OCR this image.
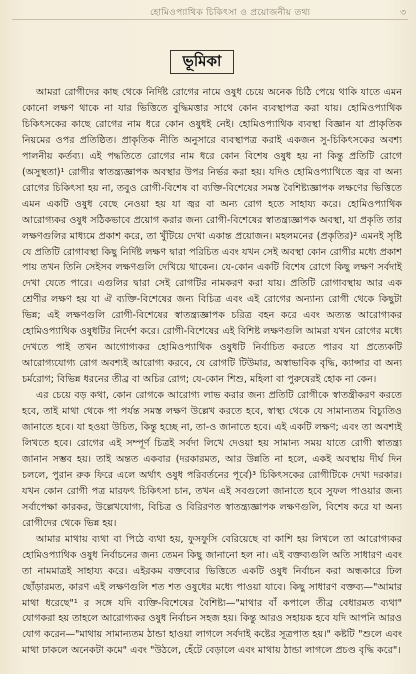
হোমিওপ্যাথিক চিকিৎসা ও প্রয়োজনীয় তথ্য	৩
ভূমিকা

আমরা রোগীদের কাছ থেকে নির্দিষ্ট রোগের নামে ওষুধ চেয়ে অনেক চিঠি পেয়ে থাকি যাতে এমন কোনো লক্ষণ থাকে না যার ভিত্তিতে বুদ্ধিমত্তার সাথে কোন ব্যবস্থাপত্র করা যায়। হোমিওপ্যাথিক চিকিৎসকের কাছে রোগের নাম ধরে কোন ওষুধই নেই। হোমিওপ্যাথিক ব্যবস্থা বিজ্ঞান যা প্রাকৃতিক নিয়মের ওপর প্রতিষ্ঠিত। প্রাকৃতিক নীতি অনুসারে ব্যবস্থাপত্র করাই একজন সু-চিকিৎসকের অবশ্য পালনীয় কর্তব্য। এই পদ্ধতিতে রোগের নাম ধরে কোন বিশেষ ওষুধ হয় না কিন্তু প্রতিটি রোগে (অসুস্থতা)¹ রোগীর স্বাতন্ত্র্যজ্ঞাপক অবস্থার উপর নির্ভর করা হয়। যদিও হোমিওপ্যাথিতে জ্বর বা অন্য রোগের চিকিৎসা হয় না, তবুও রোগী-বিশেষ বা ব্যক্তি-বিশেষের সমস্ত বৈশিষ্ট্যজ্ঞাপক লক্ষণের ভিত্তিতে এমন একটি ওষুধ বেছে নেওয়া হয় যা জ্বর বা অন্য রোগ হতে সাহায্য করে। হোমিওপ্যাথিক আরোগ্যকর ওষুধ সঠিকভাবে প্রয়োগ করার জন্য রোগী-বিশেষের স্বাতন্ত্র্যজ্ঞাপক অবস্থা, যা প্রকৃতি তার লক্ষণগুলির মাধ্যমে প্রকাশ করে, তা খুঁটিয়ে দেখা একান্ত প্রয়োজন। মহলমনের (প্রকৃতির)² এমনই সৃষ্টি যে প্রতিটি রোগাবস্থা কিছু নির্দিষ্ট লক্ষণ দ্বারা পরিচিত এবং যখন সেই অবস্থা কোন রোগীর মধ্যে প্রকাশ পায় তখন তিনি সেইসব লক্ষণগুলি দেখিয়ে থাকেন। যে-কোন একটি বিশেষ রোগে কিছু লক্ষণ সর্বদাই দেখা যেতে পারে। এগুলির দ্বারা সেই রোগটির নামকরণ করা যায়। প্রতিটি রোগাবস্থায় আর এক শ্রেণীর লক্ষণ হয় যা ঐ ব্যক্তি-বিশেষের জন্য বিচিত্র এবং এই রোগের অন্যান্য রোগী থেকে কিছুটা ভিন্ন; এই লক্ষণগুলি রোগী-বিশেষের স্বাতন্ত্র্যজ্ঞাপক চরিত্র বহন করে এবং অত্যন্ত আরোগ্যকর হোমিওপ্যাথিক ওষুধটির নির্দেশ করে। রোগী-বিশেষের এই বিশিষ্ট লক্ষণগুলি আমরা যখন রোগের মধ্যে দেখতে পাই তখন আগোগ্যকর হোমিওপ্যাথিক ওষুধটি নির্বাচিত করতে পারব যা প্রত্যেকটি আরোগ্যযোগ্য রোগ অবশ্যই আরোগ্য করবে, যে রোগটি টিউমার, অস্বাভাবিক বৃদ্ধি, ক্যান্সার বা অন্য চর্মরোগ; বিভিন্ন ধরনের তীব্র বা অচির রোগ; যে-কোন শিশু, মহিলা বা পুরুষেরই হোক না কেন।

এর চেয়ে বড় কথা, কোন রোগকে আরোগ্য লাভ করার জন্য প্রতিটি রোগীকে স্বাতন্ত্রীকরণ করতে হবে, তাই মাথা থেকে পা পর্যন্ত সমস্ত লক্ষণ উল্লেখ করতে হবে, স্বাস্থ্য থেকে যে সামান্যতম বিচ্যুতিও জানাতে হবে। যা হওয়া উচিত, কিন্তু হচ্ছে না, তা-ও জানাতে হবে। এই একটি লক্ষণ; এবং তা অবশ্যই লিখতে হবে। রোগের এই সম্পূর্ণ চিত্রই সর্বদা লিখে দেওয়া হয় সামান্য সময় যাতে রোগী স্বাতন্ত্র্য জানান সম্ভব হয়। তাই অন্তত একবার (দরকারমত, আর উন্নতি না হলে, একই অবস্থায় দীর্ঘ দিন চললে, পুরান রুক ফিরে এলে অর্থাৎ ওষুধ পরিবর্তনের পূর্বে)³ চিকিৎসকের রোগীটিকে দেখা দরকার। যখন কোন রোগী পত্র মারফৎ চিকিৎসা চান, তখন এই সবগুলো জানাতে হবে সুফল পাওয়ার জন্য সর্বাপেক্ষা কারকর, উল্লেখযোগ্য, বিচিত্র ও বিরিরণত স্বাতন্ত্র্যজ্ঞাপক লক্ষণগুলি, বিশেষ করে যা অন্য রোগীদের থেকে ভিন্ন হয়।

আমার মাথায় ব্যথা বা পিঠে ব্যথা হয়, ফুসফুসি বেরিয়েছে বা কাশি হয় লিখলে তা আরোগ্যকর হোমিওপ্যাথিক ওষুধ নির্বাচনের জন্য তেমন কিছু জানানো হল না। এই বক্তব্যগুলি অতি সাধারণ এবং তা নামমাত্রই সাহায্য করে। এইরকম বক্তব্যের ভিত্তিতে একটি ওষুধ নির্বাচন করা অন্ধকারে ঢিল ছোঁড়ারমত, কারণ এই লক্ষণগুলি শত শত ওষুধের মধ্যে পাওয়া যাবে। কিছু সাধারণ বক্তব্য—"আমার মাথা ধরেছে"¹ র সঙ্গে যদি ব্যক্তি-বিশেষের বৈশিষ্ট্য—"মাথার বাঁ কপালে তীব্র বেধারমত ব্যথা" যোগকরা হয় তাহলে আরোগ্যকর ওষুধ নির্বাচন সহজ হয়। কিন্তু আরও সহায়ক হবে যদি আপনি আরও যোগ করেন—"মাথায় সামান্যতম ঠান্ডা হাওয়া লাগলে সর্বদাই কষ্টের সূত্রপাত হয়।" কষ্টটি "শুলে এবং মাথা ঢাকলে অনেকটা কমে" এবং "উঠলে, হেঁটে বেড়ালে এবং মাথায় ঠান্ডা লাগলে প্রচণ্ড বৃদ্ধি করে"।
